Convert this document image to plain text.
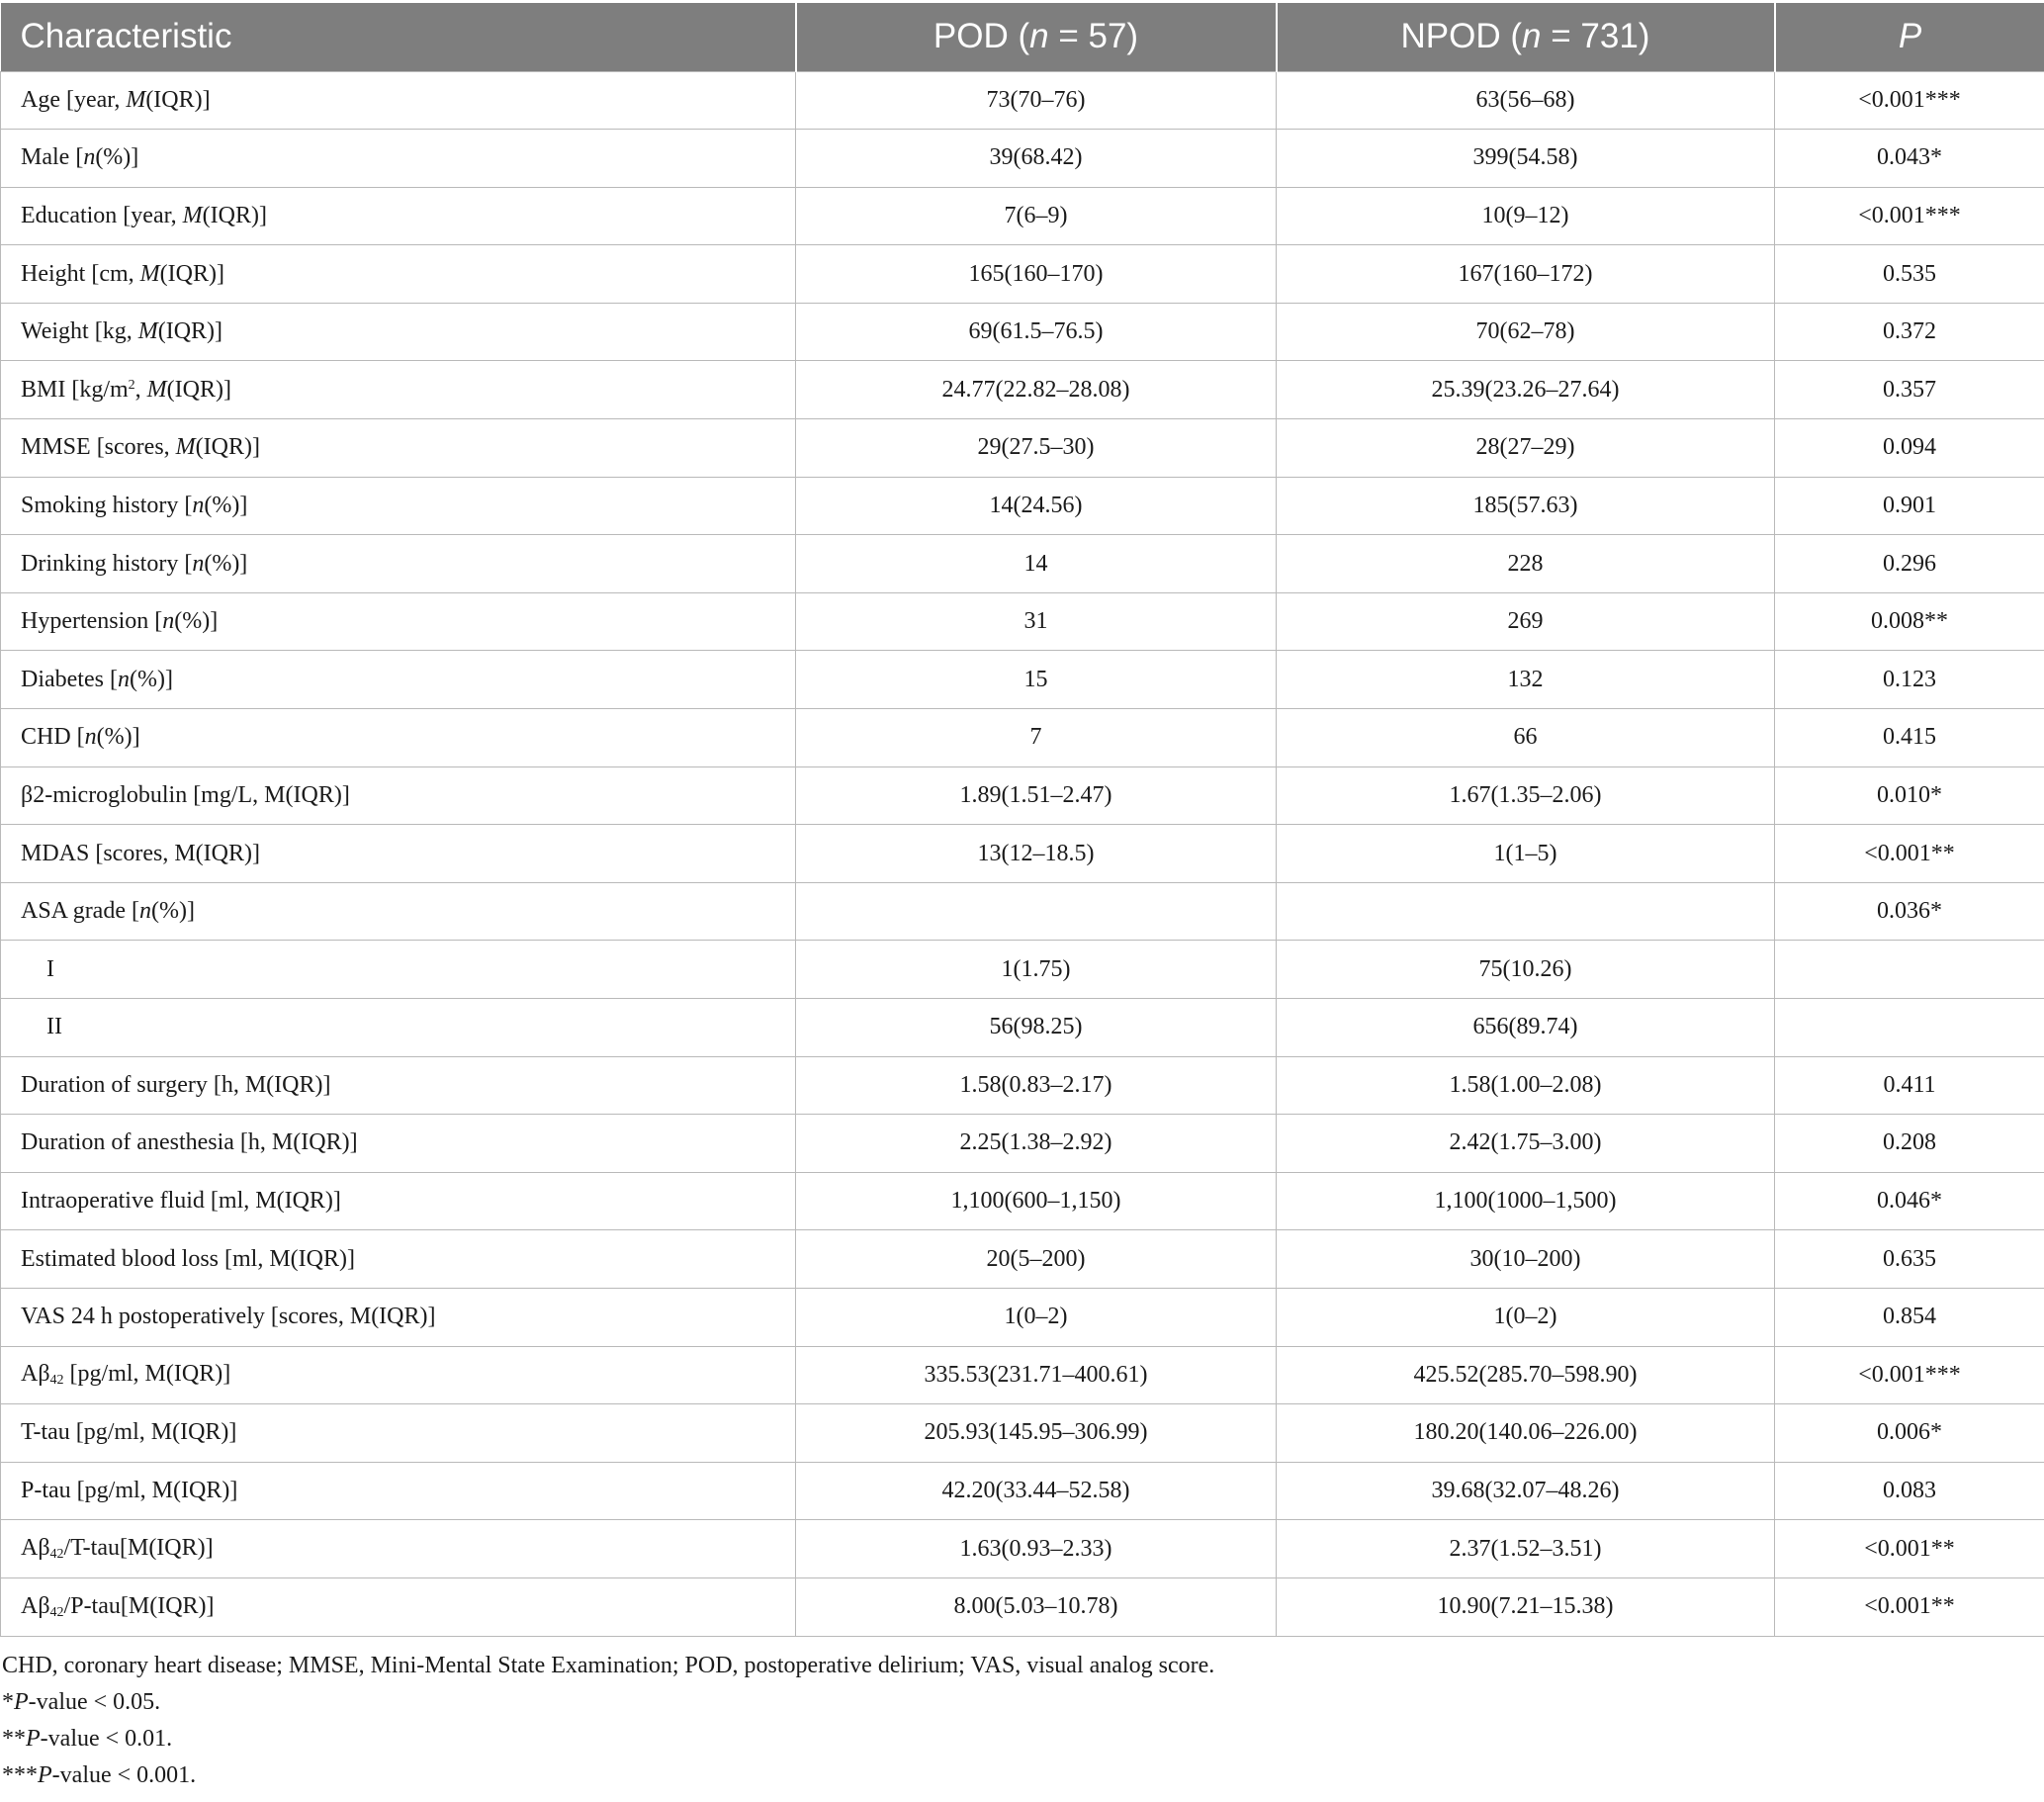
Characteristic	POD (n = 57)	NPOD (n = 731)	P
Age [year, M(IQR)]	73(70–76)	63(56–68)	<0.001***
Male [n(%)]	39(68.42)	399(54.58)	0.043*
Education [year, M(IQR)]	7(6–9)	10(9–12)	<0.001***
Height [cm, M(IQR)]	165(160–170)	167(160–172)	0.535
Weight [kg, M(IQR)]	69(61.5–76.5)	70(62–78)	0.372
BMI [$kg/m^2$, M(IQR)]	24.77(22.82–28.08)	25.39(23.26–27.64)	0.357
MMSE [scores, M(IQR)]	29(27.5–30)	28(27–29)	0.094
Smoking history [n(%)]	14(24.56)	185(57.63)	0.901
Drinking history [n(%)]	14	228	0.296
Hypertension [n(%)]	31	269	0.008**
Diabetes [n(%)]	15	132	0.123
CHD [n(%)]	7	66	0.415
β2-microglobulin [mg/L, M(IQR)]	1.89(1.51–2.47)	1.67(1.35–2.06)	0.010*
MDAS [scores, M(IQR)]	13(12–18.5)	1(1–5)	<0.001**
ASA grade [n(%)]			0.036*
I	1(1.75)	75(10.26)	
II	56(98.25)	656(89.74)	
Duration of surgery [h, M(IQR)]	1.58(0.83–2.17)	1.58(1.00–2.08)	0.411
Duration of anesthesia [h, M(IQR)]	2.25(1.38–2.92)	2.42(1.75–3.00)	0.208
Intraoperative fluid [ml, M(IQR)]	1,100(600–1,150)	1,100(1000–1,500)	0.046*
Estimated blood loss [ml, M(IQR)]	20(5–200)	30(10–200)	0.635
VAS 24 h postoperatively [scores, M(IQR)]	1(0–2)	1(0–2)	0.854
$A\beta_{42}$ [pg/ml, M(IQR)]	335.53(231.71–400.61)	425.52(285.70–598.90)	<0.001***
T-tau [pg/ml, M(IQR)]	205.93(145.95–306.99)	180.20(140.06–226.00)	0.006*
P-tau [pg/ml, M(IQR)]	42.20(33.44–52.58)	39.68(32.07–48.26)	0.083
$A\beta_{42}/T-tau[M(IQR)]$	1.63(0.93–2.33)	2.37(1.52–3.51)	<0.001**
$A\beta_{42}/P-tau[M(IQR)]$	8.00(5.03–10.78)	10.90(7.21–15.38)	<0.001**
CHD, coronary heart disease; MMSE, Mini-Mental State Examination; POD, postoperative delirium; VAS, visual analog score.
*P-value < 0.05.
**P-value < 0.01.
***P-value < 0.001.
